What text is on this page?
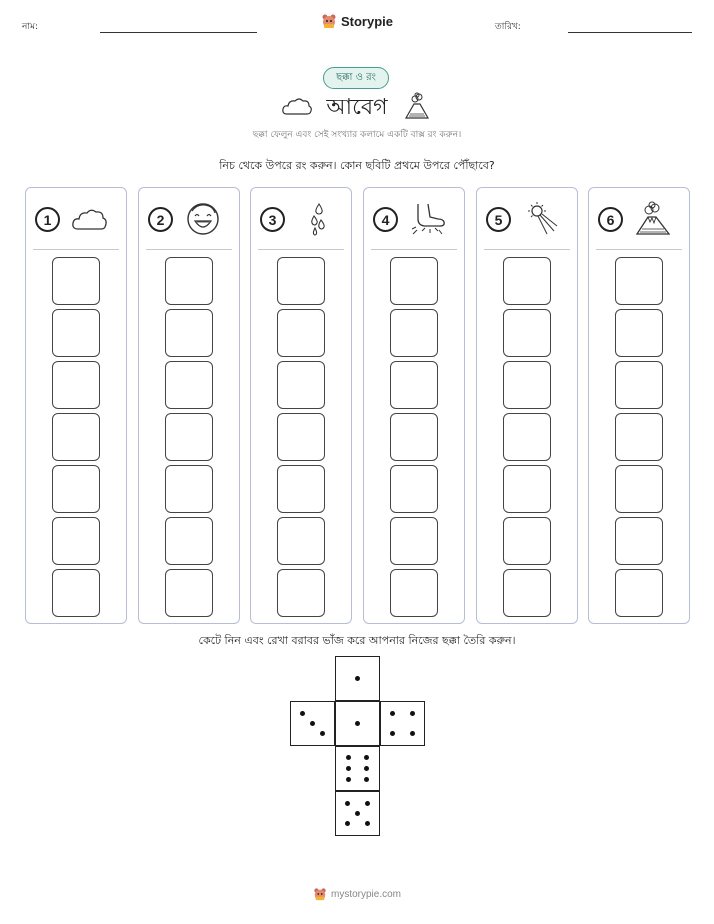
নাম:	Storypie	তারিখ:
ছক্কা ও রং
আবেগ
ছক্কা ফেলুন এবং সেই সংখ্যার কলামে একটি বাক্স রং করুন।
নিচ থেকে উপরে রং করুন। কোন ছবিটি প্রথমে উপরে পৌঁছাবে?
1	2	3	4	5	6
কেটে নিন এবং রেখা বরাবর ভাঁজ করে আপনার নিজের ছক্কা তৈরি করুন।
mystorypie.com
